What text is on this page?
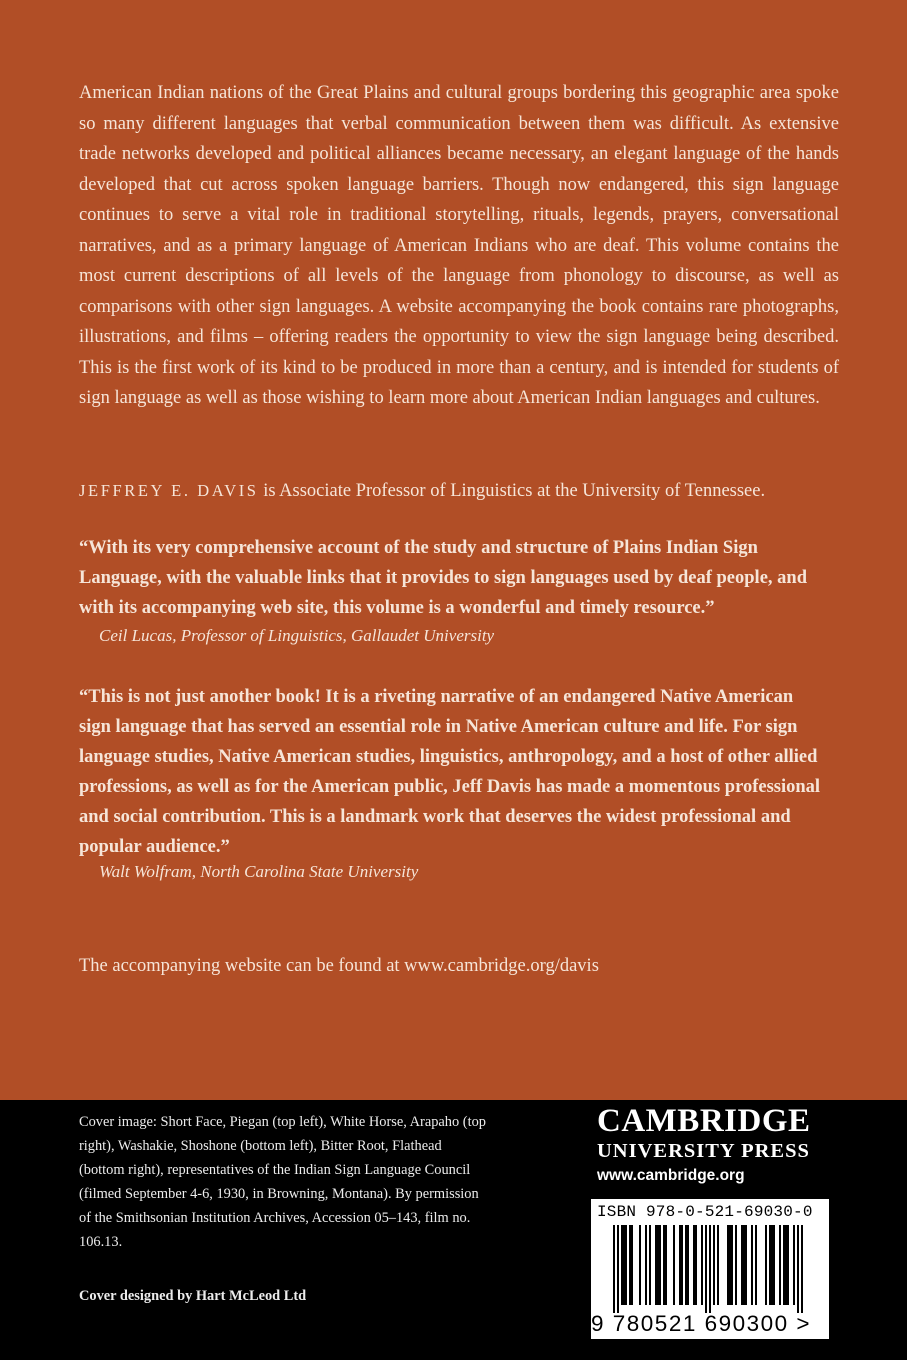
American Indian nations of the Great Plains and cultural groups bordering this geographic area spoke so many different languages that verbal communication between them was difficult. As extensive trade networks developed and political alliances became necessary, an elegant language of the hands developed that cut across spoken language barriers. Though now endangered, this sign language continues to serve a vital role in traditional storytelling, rituals, legends, prayers, conversational narratives, and as a primary language of American Indians who are deaf. This volume contains the most current descriptions of all levels of the language from phonology to discourse, as well as comparisons with other sign languages. A website accompanying the book contains rare photographs, illustrations, and films – offering readers the opportunity to view the sign language being described. This is the first work of its kind to be produced in more than a century, and is intended for students of sign language as well as those wishing to learn more about American Indian languages and cultures.

JEFFREY E. DAVIS is Associate Professor of Linguistics at the University of Tennessee.

“With its very comprehensive account of the study and structure of Plains Indian Sign Language, with the valuable links that it provides to sign languages used by deaf people, and with its accompanying web site, this volume is a wonderful and timely resource.”

Ceil Lucas, Professor of Linguistics, Gallaudet University

“This is not just another book! It is a riveting narrative of an endangered Native American sign language that has served an essential role in Native American culture and life. For sign language studies, Native American studies, linguistics, anthropology, and a host of other allied professions, as well as for the American public, Jeff Davis has made a momentous professional and social contribution. This is a landmark work that deserves the widest professional and popular audience.”

Walt Wolfram, North Carolina State University

The accompanying website can be found at www.cambridge.org/davis

Cover image: Short Face, Piegan (top left), White Horse, Arapaho (top right), Washakie, Shoshone (bottom left), Bitter Root, Flathead (bottom right), representatives of the Indian Sign Language Council (filmed September 4-6, 1930, in Browning, Montana). By permission of the Smithsonian Institution Archives, Accession 05–143, film no. 106.13.

Cover designed by Hart McLeod Ltd

CAMBRIDGE

UNIVERSITY PRESS

www.cambridge.org

ISBN 978-0-521-69030-0

9 780521 690300 >
